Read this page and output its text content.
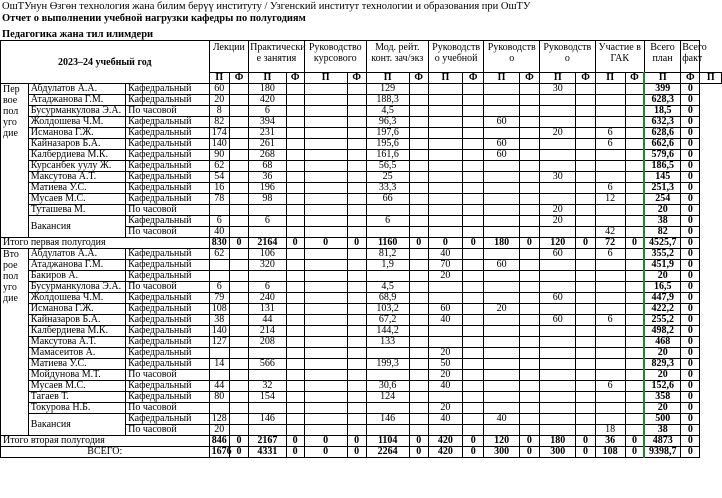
ОшТУнун Өзгөн технология жана билим берүү институту / Узгенский институт технологии и образования при ОшТУ
Отчет о выполнении учебной нагрузки кафедры по полугодиям
Педагогика жана тил илимдери
2023–24 учебный год			Лекции		Практически е занятия		Руководство курсового		Мод. рейт. конт. зач/экз		Руководств о учебной		Руководств о		Руководств о		Участие в ГАК		Всего план	Всего факт	
			П	Ф	П	Ф	П	Ф	П	Ф	П	Ф	П	Ф	П	Ф	П	Ф	П	Ф	П
Пер вое пол уго дие	Абдулатов А.А.	Кафедральный	60		180				129						30				399	0	
	Атаджанова Г.М.	Кафедральный	20		420				188,3										628,3	0	
	Бусурманкулова Э.А.	По часовой	8		6				4,5										18,5	0	
	Жолдошева Ч.М.	Кафедральный	82		394				96,3				60						632,3	0	
	Исманова Г.Ж.	Кафедральный	174		231				197,6						20		6		628,6	0	
	Кайназаров Б.А.	Кафедральный	140		261				195,6				60				6		662,6	0	
	Калбердиева М.К.	Кафедральный	90		268				161,6				60						579,6	0	
	Курсанбек уулу Ж.	Кафедральный	62		68				56,5										186,5	0	
	Максутова А.Т.	Кафедральный	54		36				25						30				145	0	
	Матиева У.С.	Кафедральный	16		196				33,3								6		251,3	0	
	Мусаев М.С.	Кафедральный	78		98				66								12		254	0	
	Туташева М.	По часовой													20				20	0	
	Вакансия	Кафедральный	6		6				6						20				38	0	
		По часовой	40														42		82	0	
Итого первая полугодия			830	0	2164	0	0	0	1160	0	0	0	180	0	120	0	72	0	4525,7	0	
Вто рое пол уго дие	Абдулатов А.А.	Кафедральный	62		106				81,2		40				60		6		355,2	0	
	Атаджанова Г.М.	Кафедральный			320				1,9		70		60						451,9	0	
	Бакиров А.	Кафедральный									20								20	0	
	Бусурманкулова Э.А.	По часовой	6		6				4,5										16,5	0	
	Жолдошева Ч.М.	Кафедральный	79		240				68,9						60				447,9	0	
	Исманова Г.Ж.	Кафедральный	108		131				103,2		60		20						422,2	0	
	Кайназаров Б.А.	Кафедральный	38		44				67,2		40				60		6		255,2	0	
	Калбердиева М.К.	Кафедральный	140		214				144,2										498,2	0	
	Максутова А.Т.	Кафедральный	127		208				133										468	0	
	Мамасеитов А.	Кафедральный									20								20	0	
	Матиева У.С.	Кафедральный	14		566				199,3		50								829,3	0	
	Мойдунова М.Т.	По часовой									20								20	0	
	Мусаев М.С.	Кафедральный	44		32				30,6		40						6		152,6	0	
	Тагаев Т.	Кафедральный	80		154				124										358	0	
	Токурова Н.Б.	По часовой									20								20	0	
	Вакансия	Кафедральный	128		146				146		40		40						500	0	
		По часовой	20														18		38	0	
Итого вторая полугодия			846	0	2167	0	0	0	1104	0	420	0	120	0	180	0	36	0	4873	0	
ВСЕГО:			1676	0	4331	0	0	0	2264	0	420	0	300	0	300	0	108	0	9398,7	0	
